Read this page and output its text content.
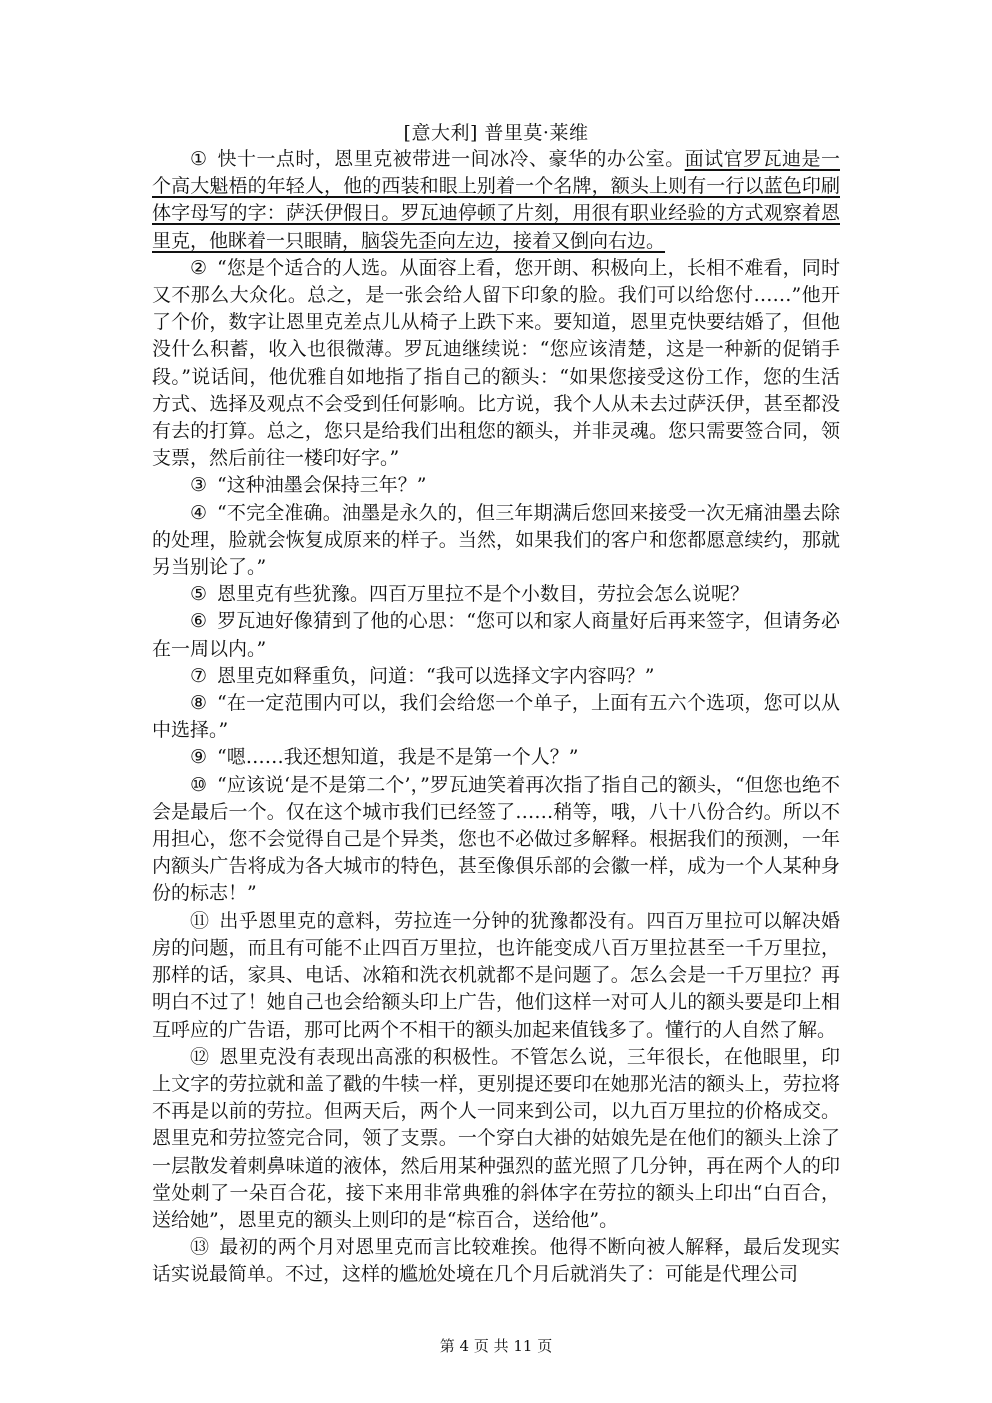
[意大利] 普里莫·莱维

① 快十一点时，恩里克被带进一间冰冷、豪华的办公室。面试官罗瓦迪是一个高大魁梧的年轻人，他的西装和眼上别着一个名牌，额头上则有一行以蓝色印刷体字母写的字：萨沃伊假日。罗瓦迪停顿了片刻，用很有职业经验的方式观察着恩里克，他眯着一只眼睛，脑袋先歪向左边，接着又倒向右边。

② “您是个适合的人选。从面容上看，您开朗、积极向上，长相不难看，同时又不那么大众化。总之，是一张会给人留下印象的脸。我们可以给您付……”他开了个价，数字让恩里克差点儿从椅子上跌下来。要知道，恩里克快要结婚了，但他没什么积蓄，收入也很微薄。罗瓦迪继续说：“您应该清楚，这是一种新的促销手段。”说话间，他优雅自如地指了指自己的额头：“如果您接受这份工作，您的生活方式、选择及观点不会受到任何影响。比方说，我个人从未去过萨沃伊，甚至都没有去的打算。总之，您只是给我们出租您的额头，并非灵魂。您只需要签合同，领支票，然后前往一楼印好字。”

③ “这种油墨会保持三年？”

④ “不完全准确。油墨是永久的，但三年期满后您回来接受一次无痛油墨去除的处理，脸就会恢复成原来的样子。当然，如果我们的客户和您都愿意续约，那就另当别论了。”

⑤ 恩里克有些犹豫。四百万里拉不是个小数目，劳拉会怎么说呢？

⑥ 罗瓦迪好像猜到了他的心思：“您可以和家人商量好后再来签字，但请务必在一周以内。”

⑦ 恩里克如释重负，问道：“我可以选择文字内容吗？”

⑧ “在一定范围内可以，我们会给您一个单子，上面有五六个选项，您可以从中选择。”

⑨ “嗯……我还想知道，我是不是第一个人？”

⑩ “应该说‘是不是第二个’，”罗瓦迪笑着再次指了指自己的额头，“但您也绝不会是最后一个。仅在这个城市我们已经签了……稍等，哦，八十八份合约。所以不用担心，您不会觉得自己是个异类，您也不必做过多解释。根据我们的预测，一年内额头广告将成为各大城市的特色，甚至像俱乐部的会徽一样，成为一个人某种身份的标志！”

⑪ 出乎恩里克的意料，劳拉连一分钟的犹豫都没有。四百万里拉可以解决婚房的问题，而且有可能不止四百万里拉，也许能变成八百万里拉甚至一千万里拉，那样的话，家具、电话、冰箱和洗衣机就都不是问题了。怎么会是一千万里拉？再明白不过了！她自己也会给额头印上广告，他们这样一对可人儿的额头要是印上相互呼应的广告语，那可比两个不相干的额头加起来值钱多了。懂行的人自然了解。

⑫ 恩里克没有表现出高涨的积极性。不管怎么说，三年很长，在他眼里，印上文字的劳拉就和盖了戳的牛犊一样，更别提还要印在她那光洁的额头上，劳拉将不再是以前的劳拉。但两天后，两个人一同来到公司，以九百万里拉的价格成交。恩里克和劳拉签完合同，领了支票。一个穿白大褂的姑娘先是在他们的额头上涂了一层散发着刺鼻味道的液体，然后用某种强烈的蓝光照了几分钟，再在两个人的印堂处刺了一朵百合花，接下来用非常典雅的斜体字在劳拉的额头上印出“白百合，送给她”，恩里克的额头上则印的是“棕百合，送给他”。

⑬ 最初的两个月对恩里克而言比较难挨。他得不断向被人解释，最后发现实话实说最简单。不过，这样的尴尬处境在几个月后就消失了：可能是代理公司

第 4 页 共 11 页
